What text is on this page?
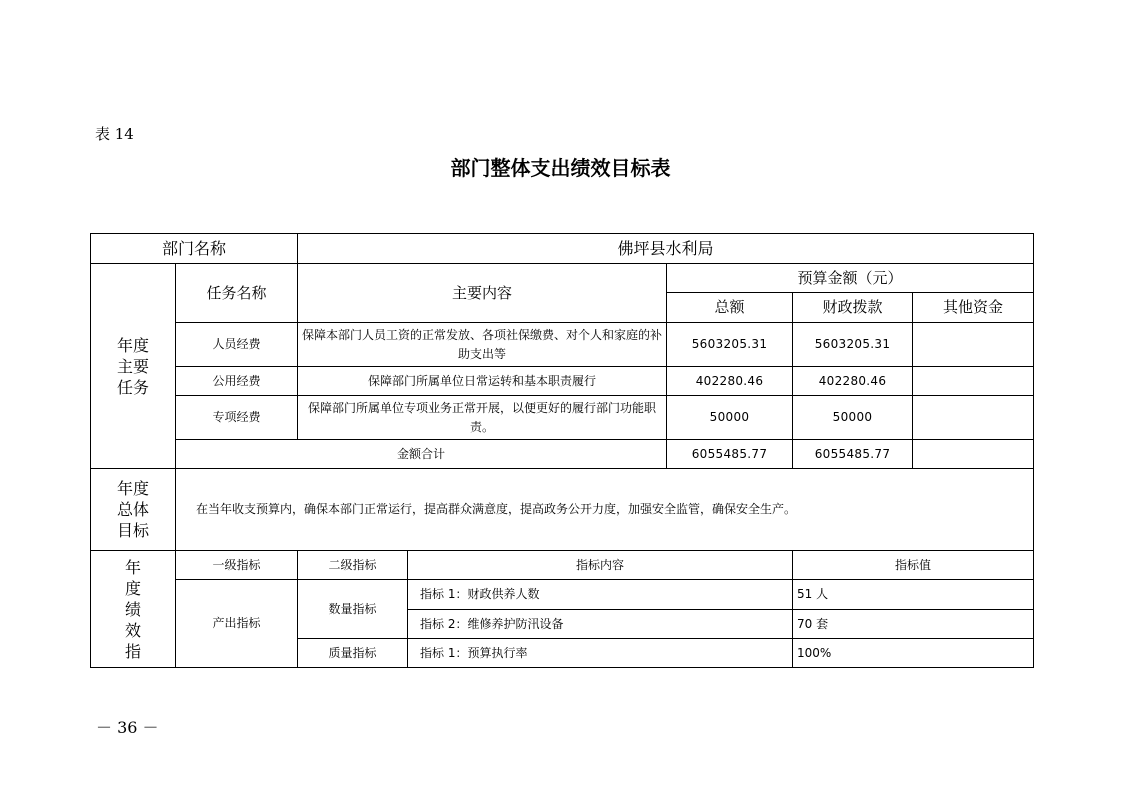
表 14
部门整体支出绩效目标表
部门名称		佛坪县水利局				

年度
主要
任务	任务名称	主要内容		预算金额（元）		
				总额	财政拨款	其他资金
	人员经费	保障本部门人员工资的正常发放、各项社保缴费、对个人和家庭的补助支出等		5603205.31	5603205.31	
	公用经费	保障部门所属单位日常运转和基本职责履行		402280.46	402280.46	
	专项经费	保障部门所属单位专项业务正常开展，以便更好的履行部门功能职责。		50000	50000	
	金额合计			6055485.77	6055485.77	

年度
总体
目标	在当年收支预算内，确保本部门正常运行，提高群众满意度，提高政务公开力度，加强安全监管，确保安全生产。					

年
度
绩
效
指	一级指标	二级指标	指标内容		指标值	
	产出指标	数量指标	指标 1：财政供养人数		51 人	
			指标 2：维修养护防汛设备		70 套	
		质量指标	指标 1：预算执行率		100%	
－ 36 －
